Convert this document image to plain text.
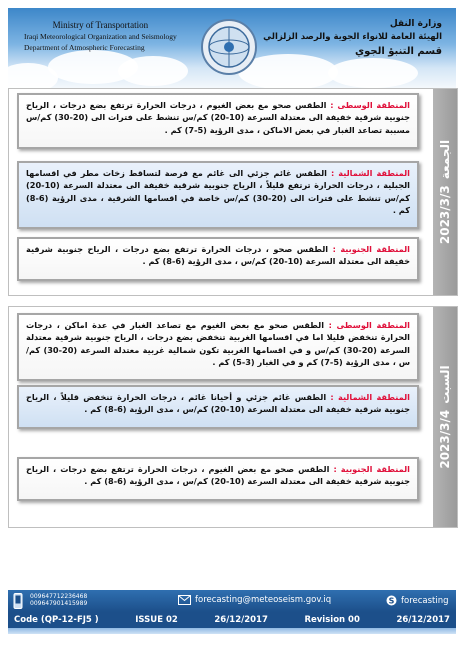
Ministry of Transportation
Iraqi Meteorological Organization and Seismology
Department of Atmospheric Forecasting
وزارة النقل
الهيئة العامة للانواء الجوية والرصد الزلزالي
قسم التنبؤ الجوي
المنطقة الوسطى : الطقس صحو مع بعض الغيوم ، درجات الحرارة ترتفع بضع درجات ، الرياح جنوبية شرقية خفيفة الى معتدلة السرعة (10-20) كم/س تنشط على فترات الى (20-30) كم/س مسببة تصاعد الغبار في بعض الاماكن ، مدى الرؤية (5-7) كم .
المنطقة الشمالية : الطقس غائم جزئي الى غائم مع فرصة لتساقط زخات مطر في اقسامها الجبلية ، درجات الحرارة ترتفع قليلاً ، الرياح جنوبية شرقية خفيفة الى معتدلة السرعة (10-20) كم/س تنشط على فترات الى (20-30) كم/س خاصة في اقسامها الشرقية ، مدى الرؤية (6-8) كم .
المنطقة الجنوبية : الطقس صحو ، درجات الحرارة ترتفع بضع درجات ، الرياح جنوبية شرقية خفيفة الى معتدلة السرعة (10-20) كم/س ، مدى الرؤية (6-8) كم .
2023/3/3
الجمعة
المنطقة الوسطى : الطقس صحو مع بعض الغيوم مع تصاعد الغبار في عدة اماكن ، درجات الحرارة تنخفض قليلا اما في اقسامها الغربية تنخفض بضع درجات ، الرياح جنوبية شرقية معتدلة السرعة (20-30) كم/س و في اقسامها الغربية تكون شمالية غربية معتدلة السرعة (20-30) كم/س ، مدى الرؤية (5-7) كم و في الغبار (3-5) كم .
المنطقة الشمالية : الطقس غائم جزئي و أحيانا غائم ، درجات الحرارة تنخفض قليلاً ، الرياح جنوبية شرقية خفيفة الى معتدلة السرعة (10-20) كم/س ، مدى الرؤية (6-8) كم .
المنطقة الجنوبية : الطقس صحو مع بعض الغيوم ، درجات الحرارة ترتفع بضع درجات ، الرياح جنوبية شرقية خفيفة الى معتدلة السرعة (10-20) كم/س ، مدى الرؤية (6-8) كم .
2023/3/4
السبت
009647712236468
009647901415989	forecasting@meteoseism.gov.iq	S forecasting
Code (QP-12-FJ5 )	ISSUE 02	26/12/2017	Revision 00	26/12/2017
